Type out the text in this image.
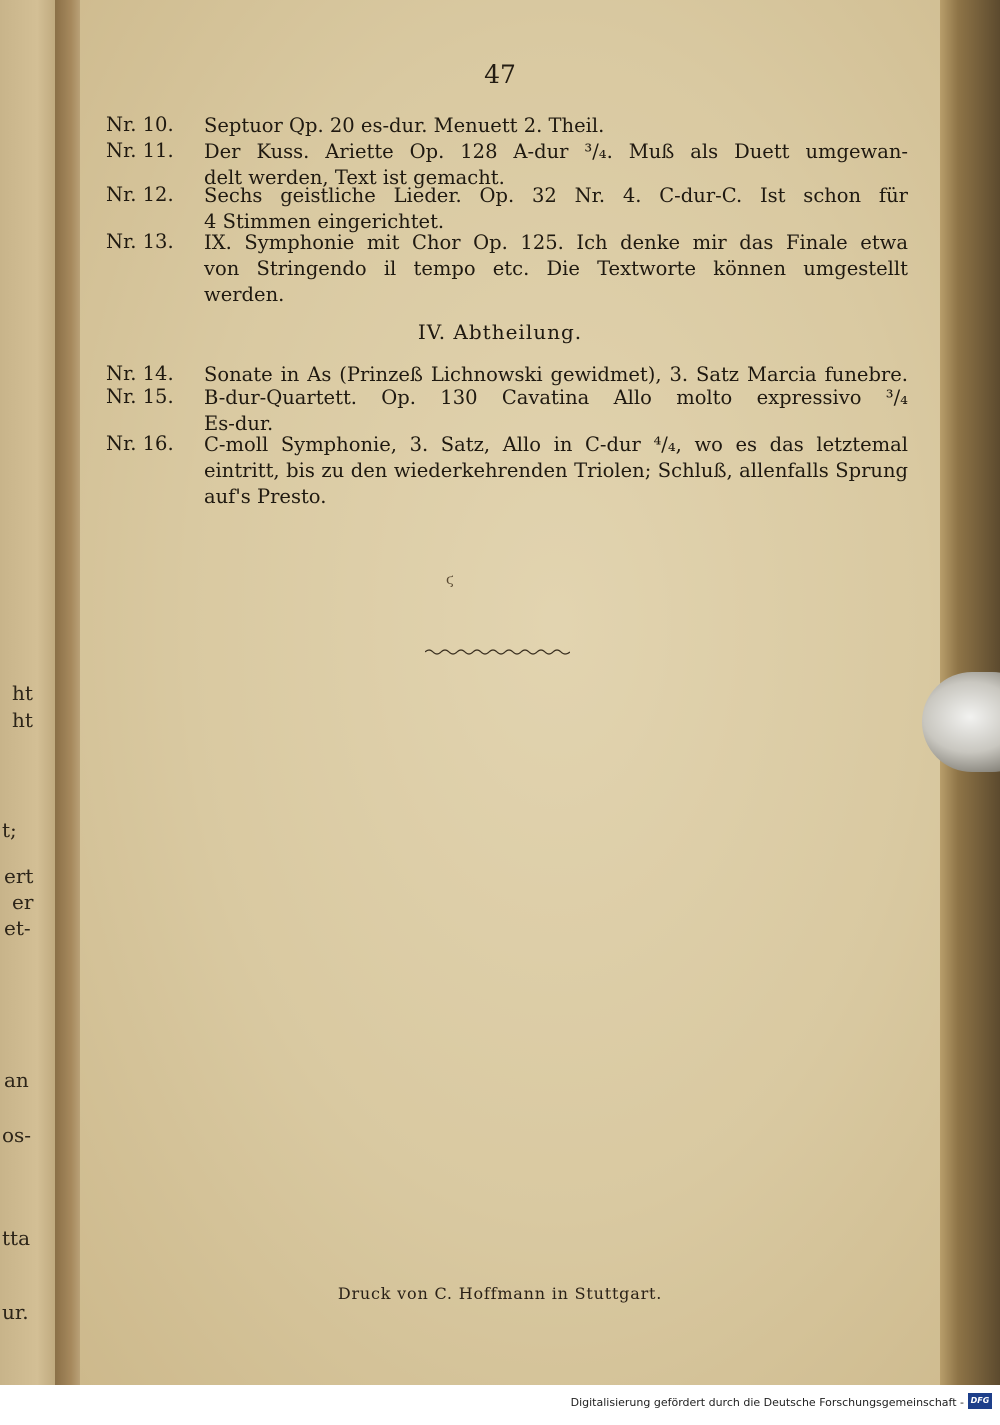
ht
ht
t;
ert
er
et-
an
os-
tta
ur.
47
Nr. 10.	Septuor Qp. 20 es-dur. Menuett 2. Theil.
Nr. 11.	Der Kuss. Ariette Op. 128 A-dur ³/₄. Muß als Duett umgewan-
delt werden, Text ist gemacht.
Nr. 12.	Sechs geistliche Lieder. Op. 32 Nr. 4. C-dur-C. Ist schon für
4 Stimmen eingerichtet.
Nr. 13.	IX. Symphonie mit Chor Op. 125. Ich denke mir das Finale etwa
von Stringendo il tempo etc. Die Textworte können umgestellt
werden.
IV. Abtheilung.
Nr. 14.	Sonate in As (Prinzeß Lichnowski gewidmet), 3. Satz Marcia funebre.
Nr. 15.	B-dur-Quartett. Op. 130 Cavatina Allo molto expressivo ³/₄
Es-dur.
Nr. 16.	C-moll Symphonie, 3. Satz, Allo in C-dur ⁴/₄, wo es das letztemal
eintritt, bis zu den wiederkehrenden Triolen; Schluß, allenfalls Sprung
auf's Presto.
ϛ
Druck von C. Hoffmann in Stuttgart.
Digitalisierung gefördert durch die Deutsche Forschungsgemeinschaft - DFG
